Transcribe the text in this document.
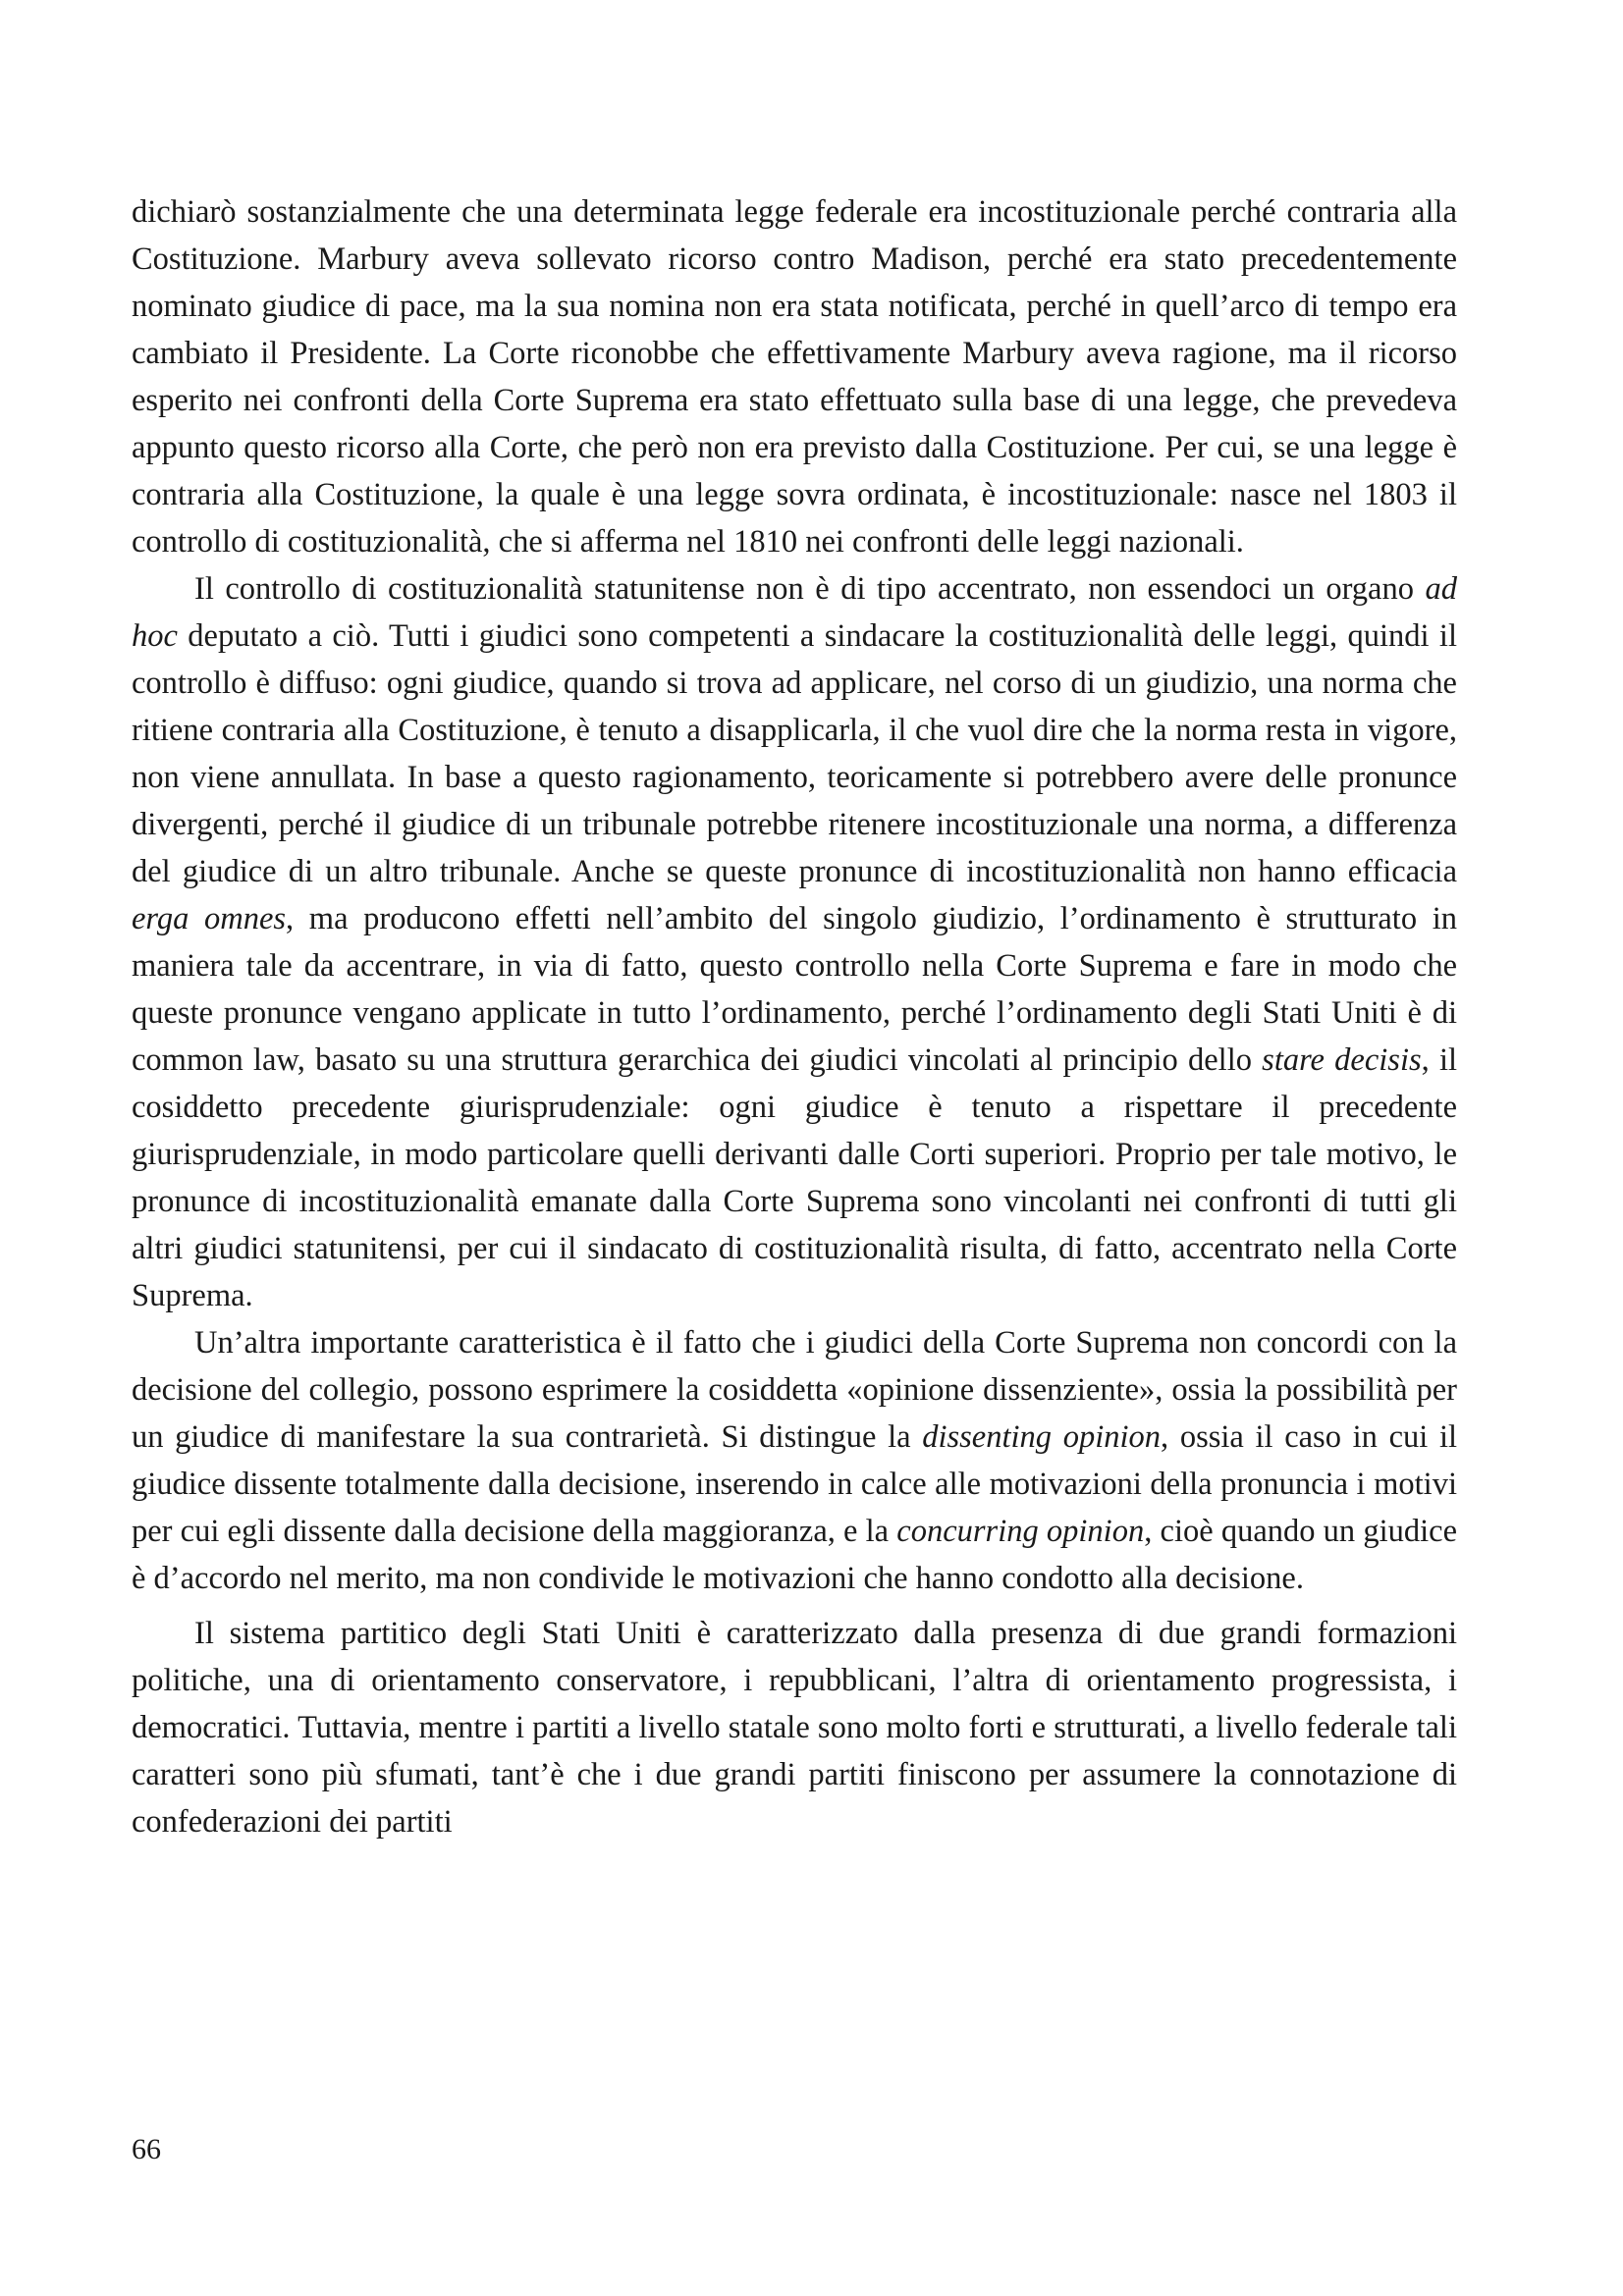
dichiarò sostanzialmente che una determinata legge federale era incostituzionale perché contraria alla Costituzione. Marbury aveva sollevato ricorso contro Madison, perché era stato precedentemente nominato giudice di pace, ma la sua nomina non era stata notificata, perché in quell’arco di tempo era cambiato il Presidente. La Corte riconobbe che effettivamente Marbury aveva ragione, ma il ricorso esperito nei confronti della Corte Suprema era stato effettuato sulla base di una legge, che prevedeva appunto questo ricorso alla Corte, che però non era previsto dalla Costituzione. Per cui, se una legge è contraria alla Costituzione, la quale è una legge sovra ordinata, è incostituzionale: nasce nel 1803 il controllo di costituzionalità, che si afferma nel 1810 nei confronti delle leggi nazionali.

Il controllo di costituzionalità statunitense non è di tipo accentrato, non essendoci un organo ad hoc deputato a ciò. Tutti i giudici sono competenti a sindacare la costituzionalità delle leggi, quindi il controllo è diffuso: ogni giudice, quando si trova ad applicare, nel corso di un giudizio, una norma che ritiene contraria alla Costituzione, è tenuto a disapplicarla, il che vuol dire che la norma resta in vigore, non viene annullata. In base a questo ragionamento, teoricamente si potrebbero avere delle pronunce divergenti, perché il giudice di un tribunale potrebbe ritenere incostituzionale una norma, a differenza del giudice di un altro tribunale. Anche se queste pronunce di incostituzionalità non hanno efficacia erga omnes, ma producono effetti nell’ambito del singolo giudizio, l’ordinamento è strutturato in maniera tale da accentrare, in via di fatto, questo controllo nella Corte Suprema e fare in modo che queste pronunce vengano applicate in tutto l’ordinamento, perché l’ordinamento degli Stati Uniti è di common law, basato su una struttura gerarchica dei giudici vincolati al principio dello stare decisis, il cosiddetto precedente giurisprudenziale: ogni giudice è tenuto a rispettare il precedente giurisprudenziale, in modo particolare quelli derivanti dalle Corti superiori. Proprio per tale motivo, le pronunce di incostituzionalità emanate dalla Corte Suprema sono vincolanti nei confronti di tutti gli altri giudici statunitensi, per cui il sindacato di costituzionalità risulta, di fatto, accentrato nella Corte Suprema.

Un’altra importante caratteristica è il fatto che i giudici della Corte Suprema non concordi con la decisione del collegio, possono esprimere la cosiddetta «opinione dissenziente», ossia la possibilità per un giudice di manifestare la sua contrarietà. Si distingue la dissenting opinion, ossia il caso in cui il giudice dissente totalmente dalla decisione, inserendo in calce alle motivazioni della pronuncia i motivi per cui egli dissente dalla decisione della maggioranza, e la concurring opinion, cioè quando un giudice è d’accordo nel merito, ma non condivide le motivazioni che hanno condotto alla decisione.

Il sistema partitico degli Stati Uniti è caratterizzato dalla presenza di due grandi formazioni politiche, una di orientamento conservatore, i repubblicani, l’altra di orientamento progressista, i democratici. Tuttavia, mentre i partiti a livello statale sono molto forti e strutturati, a livello federale tali caratteri sono più sfumati, tant’è che i due grandi partiti finiscono per assumere la connotazione di confederazioni dei partiti

66
